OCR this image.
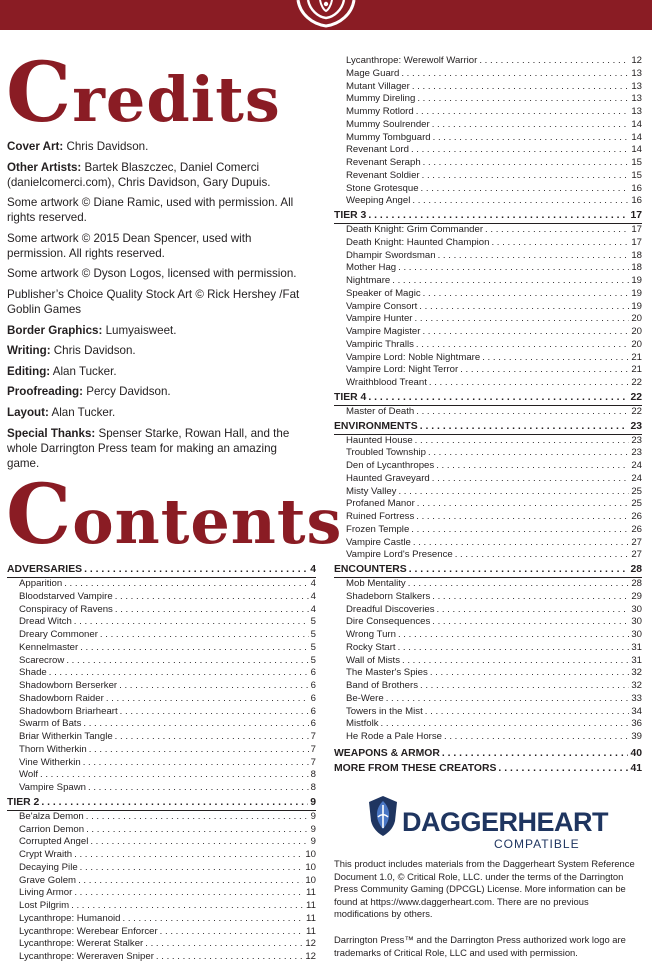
Credits

Cover Art: Chris Davidson.

Other Artists: Bartek Blaszczec, Daniel Comerci (danielcomerci.com), Chris Davidson, Gary Dupuis.

Some artwork © Diane Ramic, used with permission. All rights reserved.

Some artwork © 2015 Dean Spencer, used with permission. All rights reserved.

Some artwork © Dyson Logos, licensed with permission.

Publisher’s Choice Quality Stock Art © Rick Hershey /Fat Goblin Games

Border Graphics: Lumyaisweet.

Writing: Chris Davidson.

Editing: Alan Tucker.

Proofreading: Percy Davidson.

Layout: Alan Tucker.

Special Thanks: Spenser Starke, Rowan Hall, and the whole Darrington Press team for making an amazing game.

Contents
ADVERSARIES . . .	4
Apparition . . .	4
Bloodstarved Vampire . . .	4
Conspiracy of Ravens . . .	4
Dread Witch . . .	5
Dreary Commoner . . .	5
Kennelmaster . . .	5
Scarecrow . . .	5
Shade . . .	6
Shadowborn Berserker . . .	6
Shadowborn Raider . . .	6
Shadowborn Briarheart . . .	6
Swarm of Bats . . .	6
Briar Witherkin Tangle . . .	7
Thorn Witherkin . . .	7
Vine Witherkin . . .	7
Wolf . . .	8
Vampire Spawn . . .	8
TIER 2 . . .	9
Be'alza Demon . . .	9
Carrion Demon . . .	9
Corrupted Angel . . .	9
Crypt Wraith . . .	10
Decaying Pile . . .	10
Grave Golem . . .	10
Living Armor . . .	11
Lost Pilgrim . . .	11
Lycanthrope: Humanoid . . .	11
Lycanthrope: Werebear Enforcer . . .	11
Lycanthrope: Wererat Stalker . . .	12
Lycanthrope: Wereraven Sniper . . .	12
Lycanthrope: Werewolf Warrior . . .	12
Mage Guard . . .	13
Mutant Villager . . .	13
Mummy Direling . . .	13
Mummy Rotlord . . .	13
Mummy Soulrender . . .	14
Mummy Tombguard . . .	14
Revenant Lord . . .	14
Revenant Seraph . . .	15
Revenant Soldier . . .	15
Stone Grotesque . . .	16
Weeping Angel . . .	16
TIER 3 . . .	17
Death Knight: Grim Commander . . .	17
Death Knight: Haunted Champion . . .	17
Dhampir Swordsman . . .	18
Mother Hag . . .	18
Nightmare . . .	19
Speaker of Magic . . .	19
Vampire Consort . . .	19
Vampire Hunter . . .	20
Vampire Magister . . .	20
Vampiric Thralls . . .	20
Vampire Lord: Noble Nightmare . . .	21
Vampire Lord: Night Terror . . .	21
Wraithblood Treant . . .	22
TIER 4 . . .	22
Master of Death . . .	22
ENVIRONMENTS . . .	23
Haunted House . . .	23
Troubled Township . . .	23
Den of Lycanthropes . . .	24
Haunted Graveyard . . .	24
Misty Valley . . .	25
Profaned Manor . . .	25
Ruined Fortress . . .	26
Frozen Temple . . .	26
Vampire Castle . . .	27
Vampire Lord's Presence . . .	27
ENCOUNTERS . . .	28
Mob Mentality . . .	28
Shadeborn Stalkers . . .	29
Dreadful Discoveries . . .	30
Dire Consequences . . .	30
Wrong Turn . . .	30
Rocky Start . . .	31
Wall of Mists . . .	31
The Master's Spies . . .	32
Band of Brothers . . .	32
Be-Were . . .	33
Towers in the Mist . . .	34
Mistfolk . . .	36
He Rode a Pale Horse . . .	39
WEAPONS & ARMOR . . .	40
MORE FROM THESE CREATORS . . .	41
DAGGERHEART
COMPATIBLE

This product includes materials from the Daggerheart System Reference Document 1.0, © Critical Role, LLC. under the terms of the Darrington Press Community Gaming (DPCGL) License. More information can be found at https://www.daggerheart.com. There are no previous modifications by others.

Darrington Press™ and the Darrington Press authorized work logo are trademarks of Critical Role, LLC and used with permission.
